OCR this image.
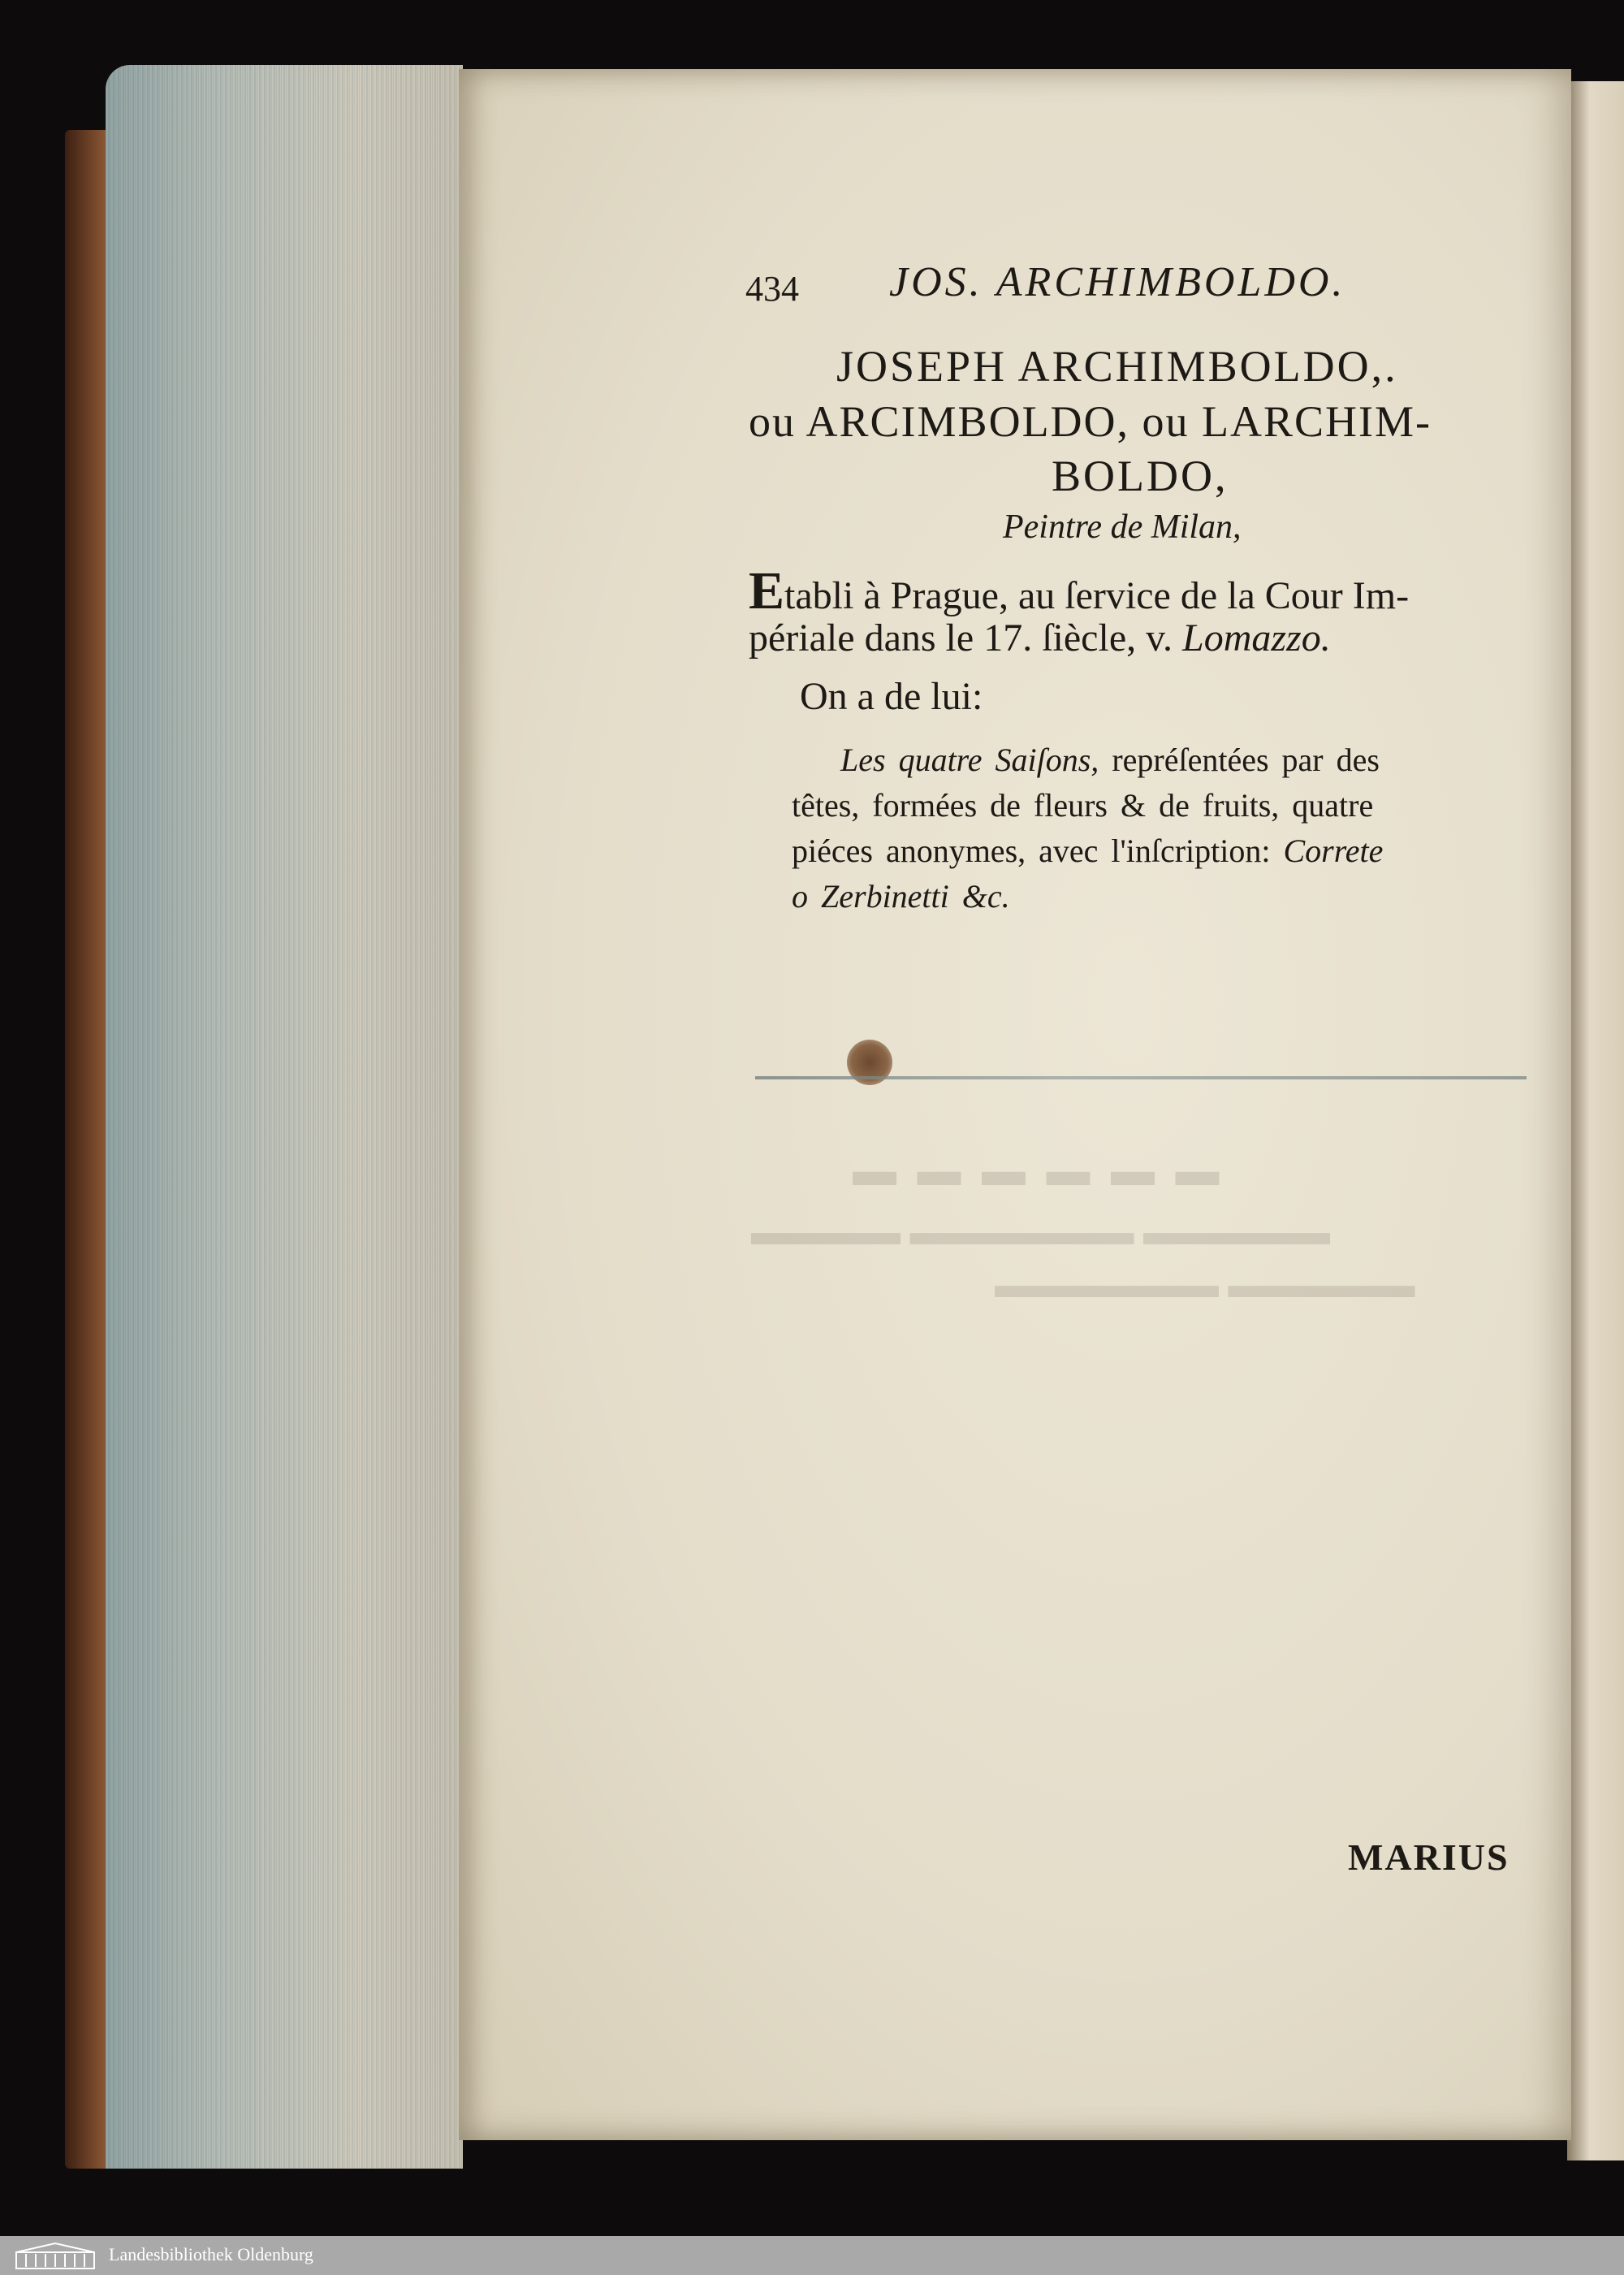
▬ ▬ ▬ ▬ ▬ ▬
▬▬▬▬ ▬▬▬▬▬▬ ▬▬▬▬▬
▬▬▬▬▬▬ ▬▬▬▬▬
434 JOS. ARCHIMBOLDO.
JOSEPH ARCHIMBOLDO,.
ou ARCIMBOLDO, ou LARCHIM-
BOLDO,
Peintre de Milan,
Etabli à Prague, au ſervice de la Cour Im-
périale dans le 17. ſiècle, v. Lomazzo.
On a de lui:
Les quatre Saiſons, repréſentées par des
têtes, formées de fleurs & de fruits, quatre
piéces anonymes, avec l'inſcription: Correte
o Zerbinetti &c.
MARIUS
Landesbibliothek Oldenburg
